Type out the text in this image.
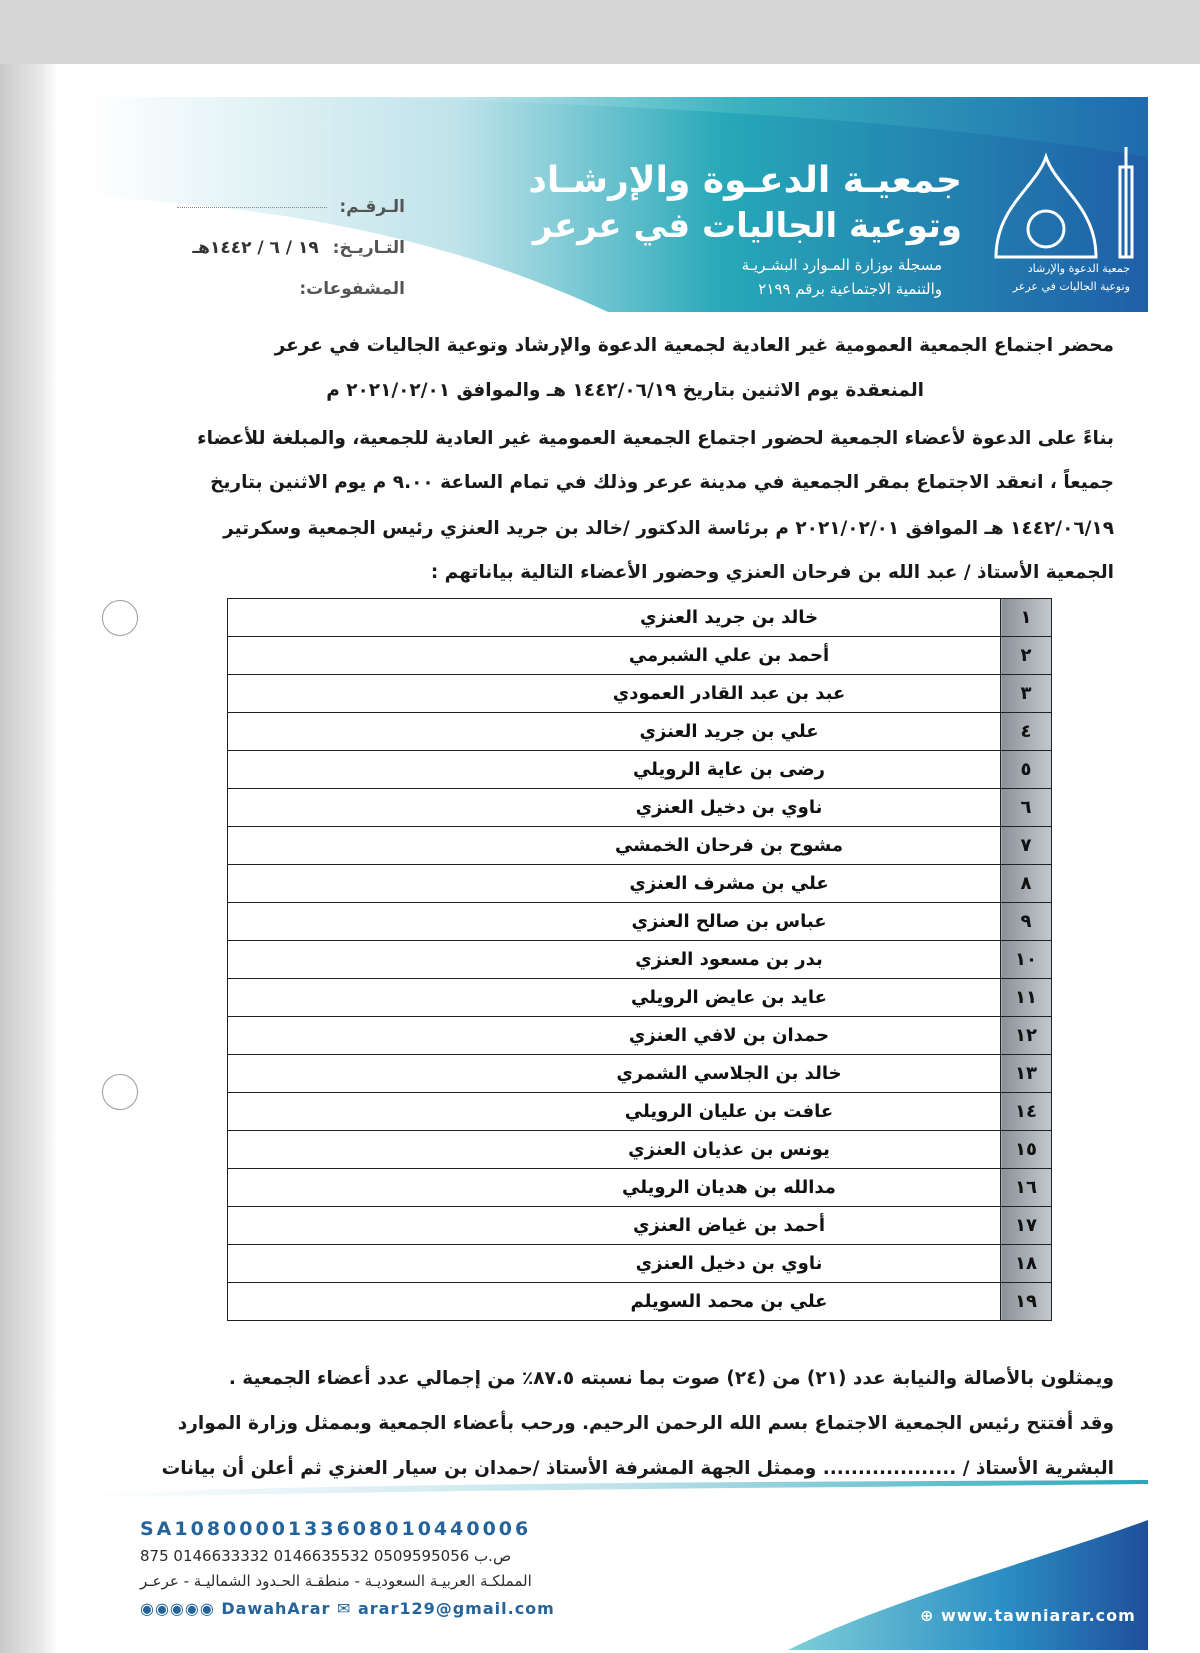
جمعيـة الدعـوة والإرشـاد
وتوعية الجاليات في عرعر
مسجلة بوزارة المـوارد البشـريـة
والتنمية الاجتماعية برقم ٢١٩٩
جمعية الدعوة والإرشاد
وتوعية الجاليات في عرعر
الـرقـم:
التـاريـخ: ١٩ / ٦ / ١٤٤٢هـ
المشفوعات:
محضر اجتماع الجمعية العمومية غير العادية لجمعية الدعوة والإرشاد وتوعية الجاليات في عرعر
المنعقدة يوم الاثنين بتاريخ ١٤٤٢/٠٦/١٩ هـ والموافق ٢٠٢١/٠٢/٠١ م
بناءً على الدعوة لأعضاء الجمعية لحضور اجتماع الجمعية العمومية غير العادية للجمعية، والمبلغة للأعضاء
جميعاً ، انعقد الاجتماع بمقر الجمعية في مدينة عرعر وذلك في تمام الساعة ٩.٠٠ م يوم الاثنين بتاريخ
١٤٤٢/٠٦/١٩ هـ الموافق ٢٠٢١/٠٢/٠١ م برئاسة الدكتور /خالد بن جريد العنزي رئيس الجمعية وسكرتير
الجمعية الأستاذ / عبد الله بن فرحان العنزي وحضور الأعضاء التالية بياناتهم :
١	خالد بن جريد العنزي
٢	أحمد بن علي الشبرمي
٣	عبد بن عبد القادر العمودي
٤	علي بن جريد العنزي
٥	رضى بن عاية الرويلي
٦	ناوي بن دخيل العنزي
٧	مشوح بن فرحان الخمشي
٨	علي بن مشرف العنزي
٩	عباس بن صالح العنزي
١٠	بدر بن مسعود العنزي
١١	عايد بن عايض الرويلي
١٢	حمدان بن لافي العنزي
١٣	خالد بن الجلاسي الشمري
١٤	عافت بن عليان الرويلي
١٥	يونس بن عذيان العنزي
١٦	مدالله بن هديان الرويلي
١٧	أحمد بن غياض العنزي
١٨	ناوي بن دخيل العنزي
١٩	علي بن محمد السويلم
ويمثلون بالأصالة والنيابة عدد (٢١) من (٢٤) صوت بما نسبته ٨٧.٥٪ من إجمالي عدد أعضاء الجمعية .
وقد أفتتح رئيس الجمعية الاجتماع بسم الله الرحمن الرحيم. ورحب بأعضاء الجمعية وبممثل وزارة الموارد
البشرية الأستاذ / ................... وممثل الجهة المشرفة الأستاذ /حمدان بن سيار العنزي ثم أعلن أن بيانات
SA1080000133608010440006
875 ص.ب 0509595056 0146635532 0146633332
المملكـة العربيـة السعوديـة - منطقـة الحـدود الشماليـة - عرعـر
◉◉◉◉◉ DawahArar ✉ arar129@gmail.com	⊕ www.tawniarar.com
